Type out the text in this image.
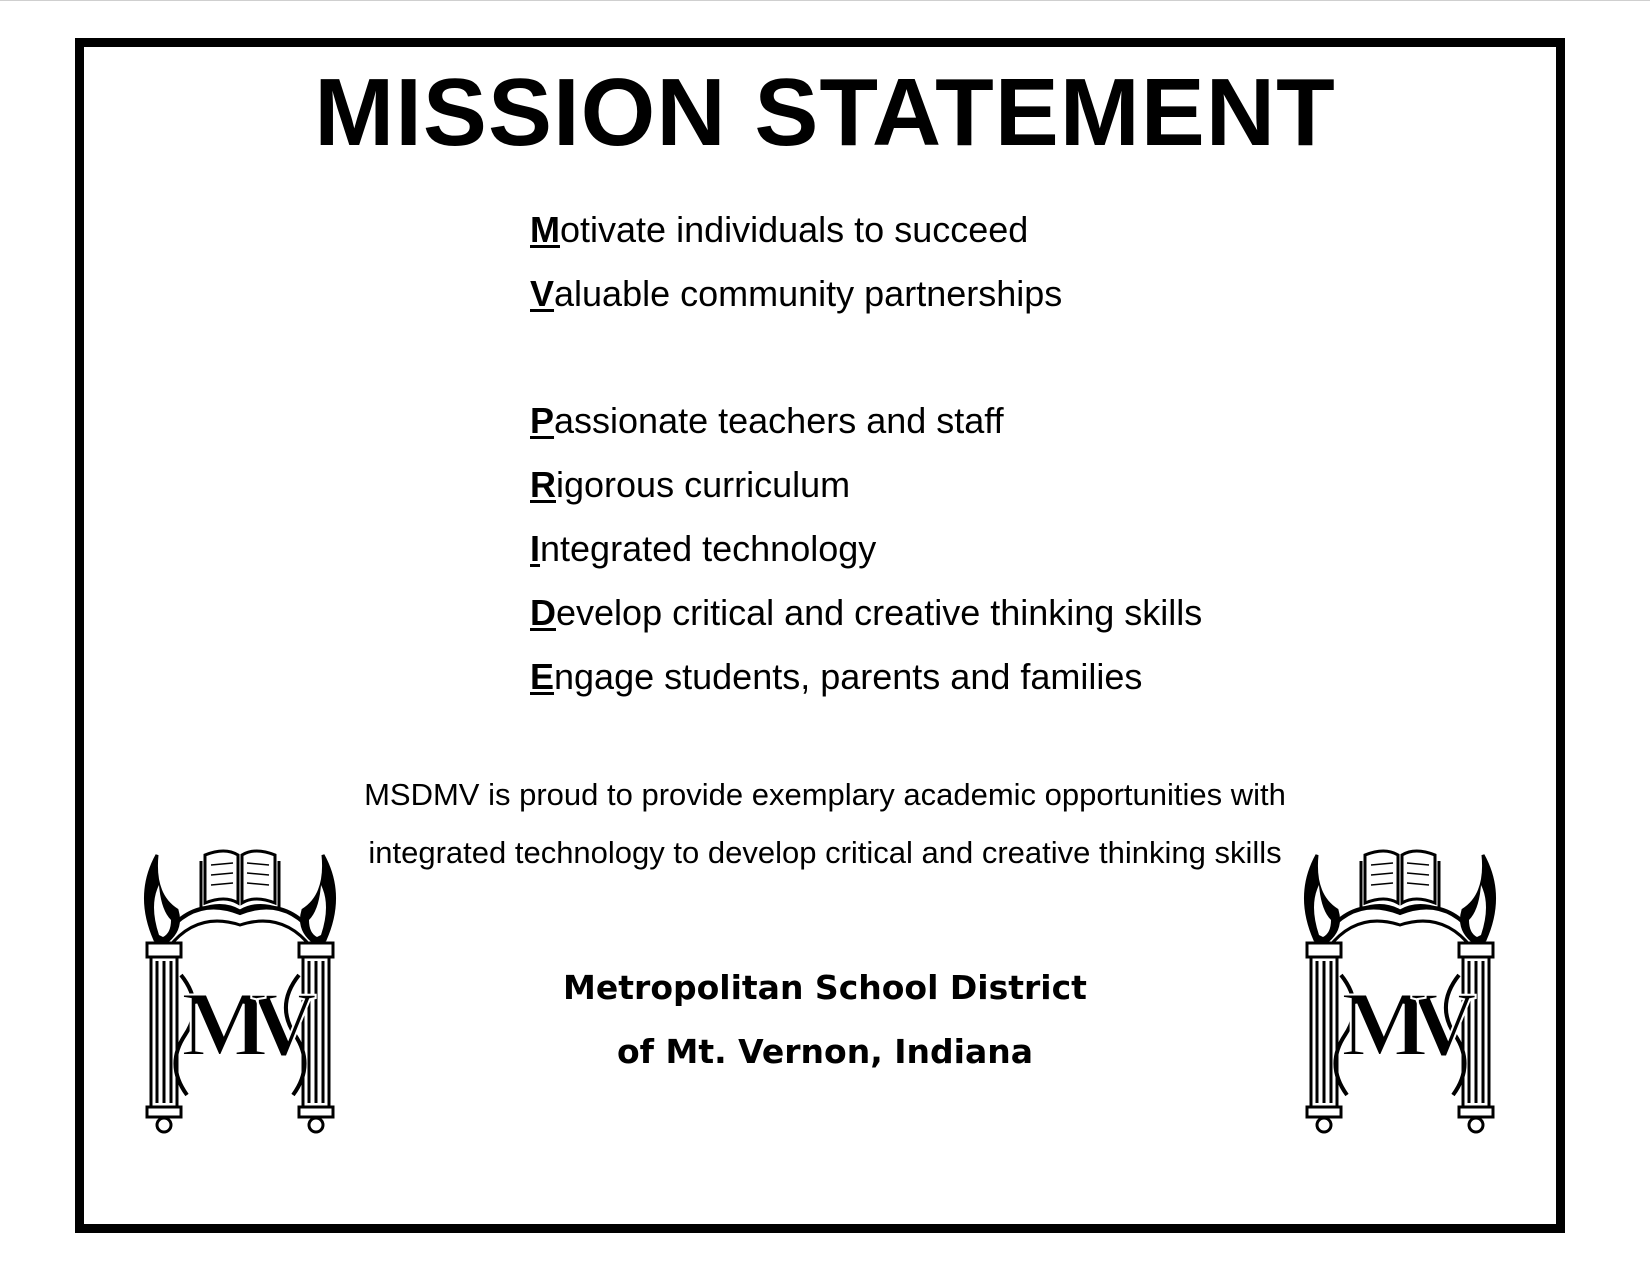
MISSION STATEMENT
Motivate individuals to succeed
Valuable community partnerships
Passionate teachers and staff
Rigorous curriculum
Integrated technology
Develop critical and creative thinking skills
Engage students, parents and families
MSDMV is proud to provide exemplary academic opportunities with
integrated technology to develop critical and creative thinking skills
Metropolitan School District
of Mt. Vernon, Indiana
MV	MV
